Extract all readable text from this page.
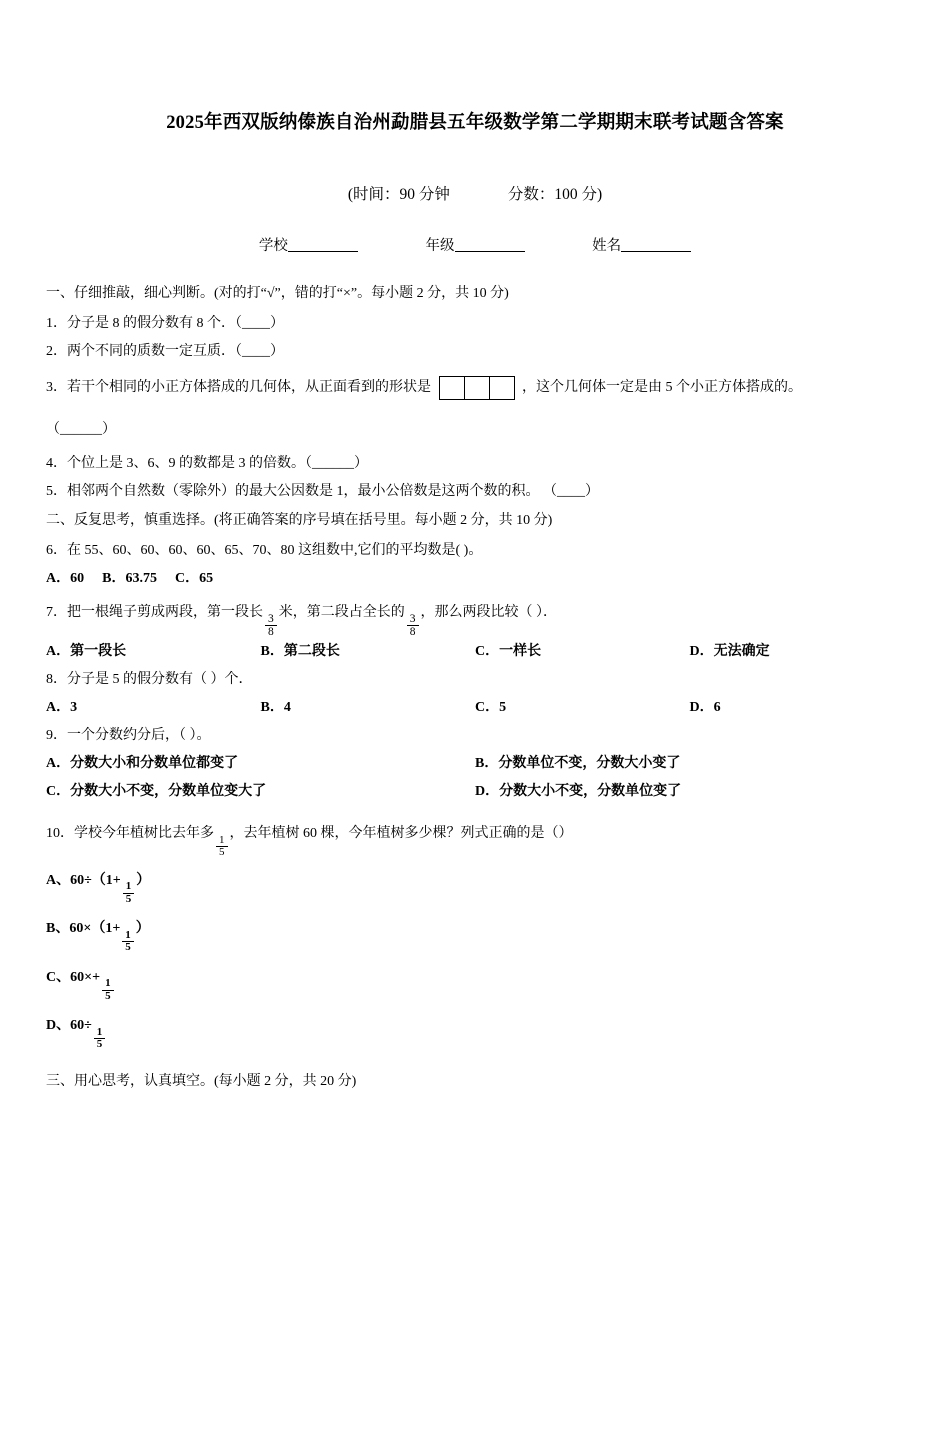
2025年西双版纳傣族自治州勐腊县五年级数学第二学期期末联考试题含答案
(时间：90 分钟	分数：100 分)
学校	年级	姓名
一、仔细推敲，细心判断。(对的打“√”，错的打“×”。每小题 2 分，共 10 分)
1．分子是 8 的假分数有 8 个．（____）
2．两个不同的质数一定互质．（____）
3．若干个相同的小正方体搭成的几何体，从正面看到的形状是
			，这个几何体一定是由 5 个小正方体搭成的。
（______）
4．个位上是 3、6、9 的数都是 3 的倍数。（______）
5．相邻两个自然数（零除外）的最大公因数是 1，最小公倍数是这两个数的积。 （____）
二、反复思考，慎重选择。(将正确答案的序号填在括号里。每小题 2 分，共 10 分)
6．在 55、60、60、60、60、65、70、80 这组数中,它们的平均数是( )。
A．60 B．63.75 C．65
7．把一根绳子剪成两段，第一段长
$\frac{3}{8}$
米，第二段占全长的
$\frac{3}{8}$
，那么两段比较（ ）．
A．第一段长	B．第二段长	C．一样长	D．无法确定
8．分子是 5 的假分数有（ ）个．
A．3	B．4	C．5	D．6
9．一个分数约分后，（ ）。
A．分数大小和分数单位都变了	B．分数单位不变，分数大小变了
C．分数大小不变，分数单位变大了	D．分数大小不变，分数单位变了
10．学校今年植树比去年多
$\frac{1}{5}$
，去年植树 60 棵，今年植树多少棵？列式正确的是（）
A、60÷（1+
$\frac{1}{5}$
）
B、60×（1+
$\frac{1}{5}$
）
C、60×+
$\frac{1}{5}$
D、60÷
$\frac{1}{5}$
三、用心思考，认真填空。(每小题 2 分，共 20 分)
